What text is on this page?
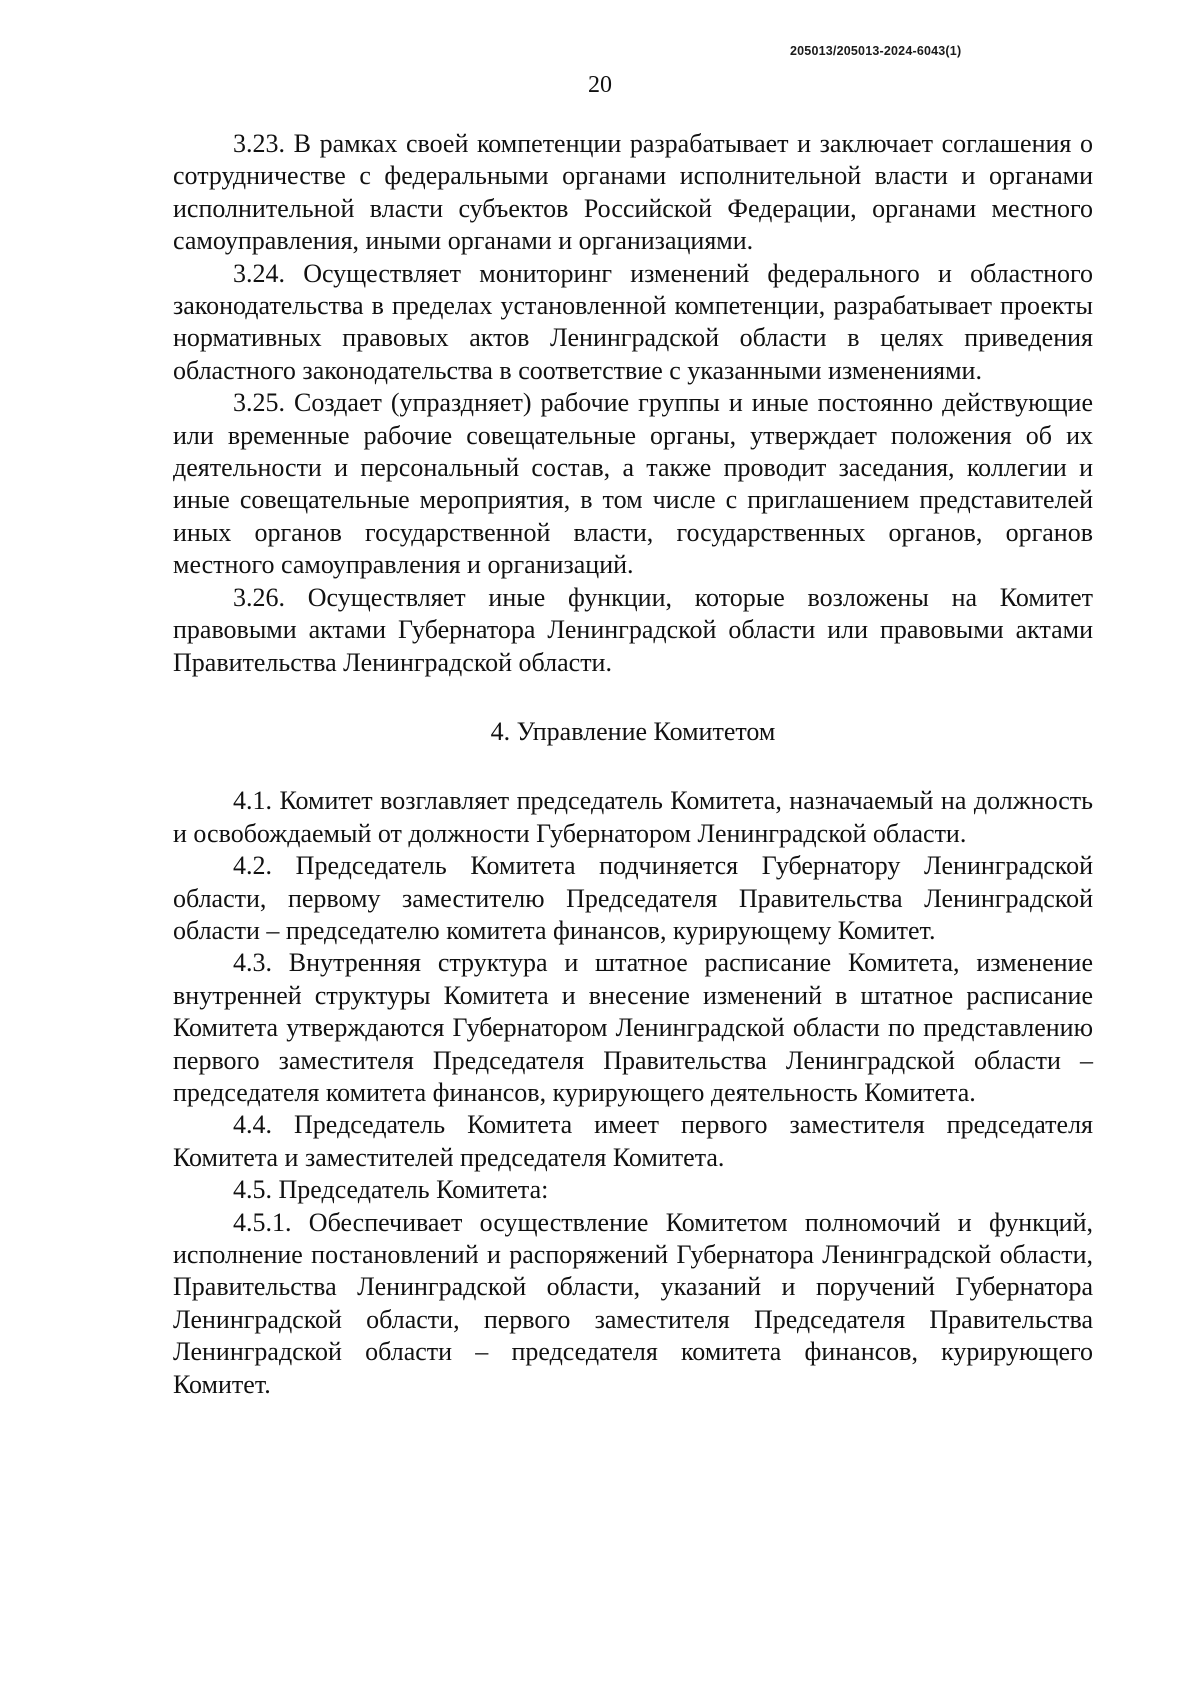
205013/205013-2024-6043(1)
20

3.23. В рамках своей компетенции разрабатывает и заключает соглашения о сотрудничестве с федеральными органами исполнительной власти и органами исполнительной власти субъектов Российской Федерации, органами местного самоуправления, иными органами и организациями.

3.24. Осуществляет мониторинг изменений федерального и областного законодательства в пределах установленной компетенции, разрабатывает проекты нормативных правовых актов Ленинградской области в целях приведения областного законодательства в соответствие с указанными изменениями.

3.25. Создает (упраздняет) рабочие группы и иные постоянно действующие или временные рабочие совещательные органы, утверждает положения об их деятельности и персональный состав, а также проводит заседания, коллегии и иные совещательные мероприятия, в том числе с приглашением представителей иных органов государственной власти, государственных органов, органов местного самоуправления и организаций.

3.26. Осуществляет иные функции, которые возложены на Комитет правовыми актами Губернатора Ленинградской области или правовыми актами Правительства Ленинградской области.

4. Управление Комитетом

4.1. Комитет возглавляет председатель Комитета, назначаемый на должность и освобождаемый от должности Губернатором Ленинградской области.

4.2. Председатель Комитета подчиняется Губернатору Ленинградской области, первому заместителю Председателя Правительства Ленинградской области – председателю комитета финансов, курирующему Комитет.

4.3. Внутренняя структура и штатное расписание Комитета, изменение внутренней структуры Комитета и внесение изменений в штатное расписание Комитета утверждаются Губернатором Ленинградской области по представлению первого заместителя Председателя Правительства Ленинградской области – председателя комитета финансов, курирующего деятельность Комитета.

4.4. Председатель Комитета имеет первого заместителя председателя Комитета и заместителей председателя Комитета.

4.5. Председатель Комитета:

4.5.1. Обеспечивает осуществление Комитетом полномочий и функций, исполнение постановлений и распоряжений Губернатора Ленинградской области, Правительства Ленинградской области, указаний и поручений Губернатора Ленинградской области, первого заместителя Председателя Правительства Ленинградской области – председателя комитета финансов, курирующего Комитет.
